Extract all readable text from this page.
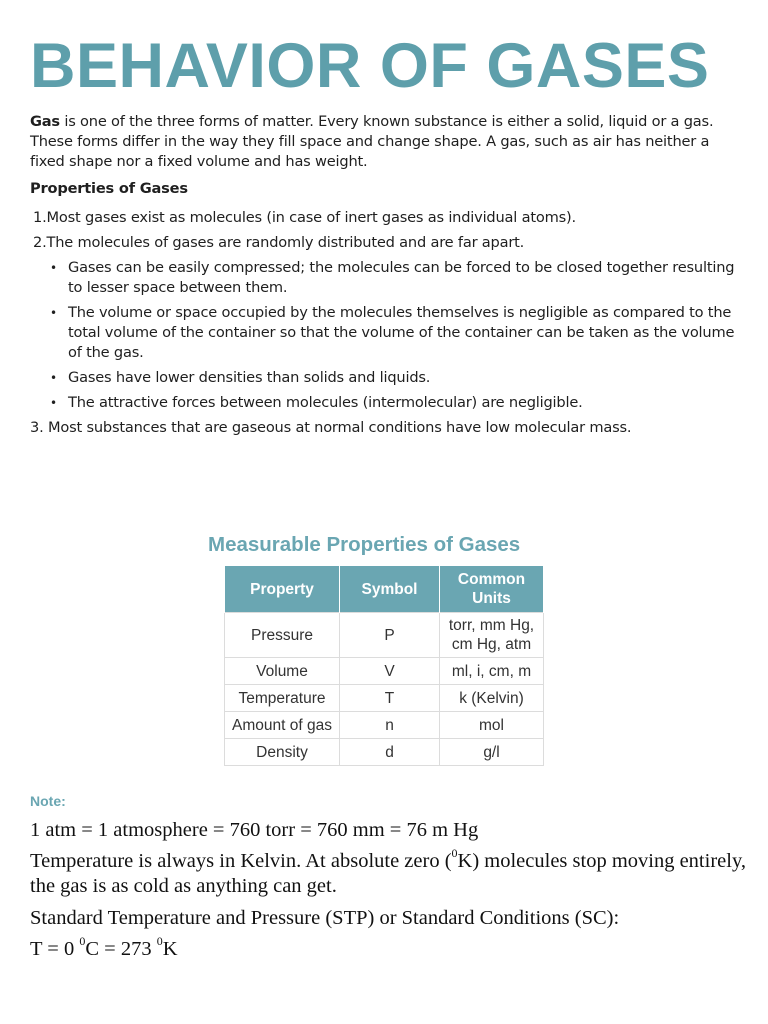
BEHAVIOR OF GASES

Gas is one of the three forms of matter. Every known substance is either a solid, liquid or a gas. These forms differ in the way they fill space and change shape. A gas, such as air has neither a fixed shape nor a fixed volume and has weight.

Properties of Gases
1.Most gases exist as molecules (in case of inert gases as individual atoms).
2.The molecules of gases are randomly distributed and are far apart.
• Gases can be easily compressed; the molecules can be forced to be closed together resulting to lesser space between them.
• The volume or space occupied by the molecules themselves is negligible as compared to the total volume of the container so that the volume of the container can be taken as the volume of the gas.
• Gases have lower densities than solids and liquids.
• The attractive forces between molecules (intermolecular) are negligible.
3. Most substances that are gaseous at normal conditions have low molecular mass.
Measurable Properties of Gases
Property	Symbol	Common Units
Pressure	P	torr, mm Hg, cm Hg, atm
Volume	V	ml, i, cm, m
Temperature	T	k (Kelvin)
Amount of gas	n	mol
Density	d	g/l

Note:

1 atm = 1 atmosphere = 760 torr = 760 mm = 76 m Hg

Temperature is always in Kelvin. At absolute zero ($^0$K) molecules stop moving entirely, the gas is as cold as anything can get.

Standard Temperature and Pressure (STP) or Standard Conditions (SC):

T = 0 $^0$C = 273 $^0$K
